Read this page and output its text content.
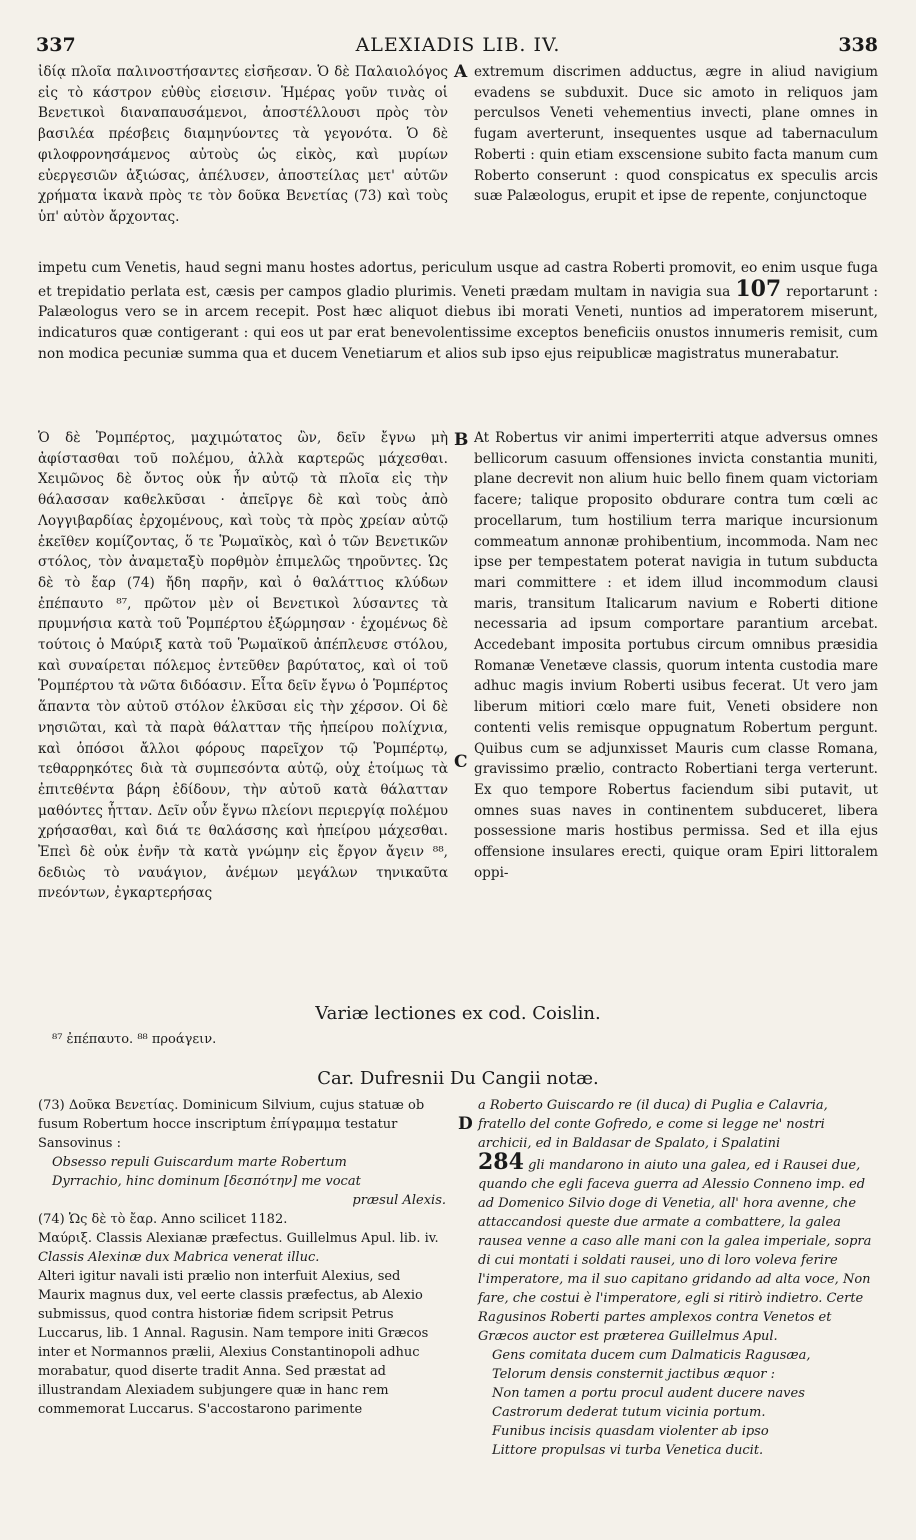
337	ALEXIADIS LIB. IV.	338

ἰδίᾳ πλοῖα παλινοστήσαντες εἰσῆεσαν. Ὁ δὲ Παλαιολόγος εἰς τὸ κάστρον εὐθὺς εἰσεισιν. Ἡμέρας γοῦν τινὰς οἱ Βενετικοὶ διαναπαυσάμενοι, ἀποστέλλουσι πρὸς τὸν βασιλέα πρέσβεις διαμηνύοντες τὰ γεγονότα. Ὁ δὲ φιλοφρονησάμενος αὐτοὺς ὡς εἰκὸς, καὶ μυρίων εὐεργεσιῶν ἀξιώσας, ἀπέλυσεν, ἀποστείλας μετ' αὐτῶν χρήματα ἱκανὰ πρὸς τε τὸν δοῦκα Βενετίας (73) καὶ τοὺς ὑπ' αὐτὸν ἄρχοντας.

A extremum discrimen adductus, ægre in aliud navigium evadens se subduxit. Duce sic amoto in reliquos jam perculsos Veneti vehementius invecti, plane omnes in fugam averterunt, insequentes usque ad tabernaculum Roberti : quin etiam exscensione subito facta manum cum Roberto conserunt : quod conspicatus ex speculis arcis suæ Palæologus, erupit et ipse de repente, conjunctoque

impetu cum Venetis, haud segni manu hostes adortus, periculum usque ad castra Roberti promovit, eo enim usque fuga et trepidatio perlata est, cæsis per campos gladio plurimis. Veneti prædam multam in navigia sua 107 reportarunt : Palæologus vero se in arcem recepit. Post hæc aliquot diebus ibi morati Veneti, nuntios ad imperatorem miserunt, indicaturos quæ contigerant : qui eos ut par erat benevolentissime exceptos beneficiis onustos innumeris remisit, cum non modica pecuniæ summa qua et ducem Venetiarum et alios sub ipso ejus reipublicæ magistratus munerabatur.

Ὁ δὲ Ῥομπέρτος, μαχιμώτατος ὢν, δεῖν ἔγνω μὴ ἀφίστασθαι τοῦ πολέμου, ἀλλὰ καρτερῶς μάχεσθαι. Χειμῶνος δὲ ὄντος οὐκ ἦν αὐτῷ τὰ πλοῖα εἰς τὴν θάλασσαν καθελκῦσαι · ἀπεῖργε δὲ καὶ τοὺς ἀπὸ Λογγιβαρδίας ἐρχομένους, καὶ τοὺς τὰ πρὸς χρείαν αὐτῷ ἐκεῖθεν κομίζοντας, ὅ τε Ῥωμαϊκὸς, καὶ ὁ τῶν Βενετικῶν στόλος, τὸν ἀναμεταξὺ πορθμὸν ἐπιμελῶς τηροῦντες. Ὡς δὲ τὸ ἔαρ (74) ἤδη παρῆν, καὶ ὁ θαλάττιος κλύδων ἐπέπαυτο ⁸⁷, πρῶτον μὲν οἱ Βενετικοὶ λύσαντες τὰ πρυμνήσια κατὰ τοῦ Ῥομπέρτου ἐξώρμησαν · ἑχομένως δὲ τούτοις ὁ Μαύριξ κατὰ τοῦ Ῥωμαϊκοῦ ἀπέπλευσε στόλου, καὶ συναίρεται πόλεμος ἐντεῦθεν βαρύτατος, καὶ οἱ τοῦ Ῥομπέρτου τὰ νῶτα διδόασιν. Εἶτα δεῖν ἔγνω ὁ Ῥομπέρτος ἅπαντα τὸν αὐτοῦ στόλον ἑλκῦσαι εἰς τὴν χέρσον. Οἱ δὲ νησιῶται, καὶ τὰ παρὰ θάλατταν τῆς ἠπείρου πολίχνια, καὶ ὁπόσοι ἄλλοι φόρους παρεῖχον τῷ Ῥομπέρτῳ, τεθαρρηκότες διὰ τὰ συμπεσόντα αὐτῷ, οὐχ ἑτοίμως τὰ ἐπιτεθέντα βάρη ἐδίδουν, τὴν αὐτοῦ κατὰ θάλατταν μαθόντες ἧτταν. Δεῖν οὖν ἔγνω πλείονι περιεργίᾳ πολέμου χρήσασθαι, καὶ διά τε θαλάσσης καὶ ἠπείρου μάχεσθαι. Ἐπεὶ δὲ οὐκ ἐνῆν τὰ κατὰ γνώμην εἰς ἔργον ἄγειν ⁸⁸, δεδιὼς τὸ ναυάγιον, ἀνέμων μεγάλων τηνικαῦτα πνεόντων, ἐγκαρτερήσας

B
C

At Robertus vir animi imperterriti atque adversus omnes bellicorum casuum offensiones invicta constantia muniti, plane decrevit non alium huic bello finem quam victoriam facere; talique proposito obdurare contra tum cœli ac procellarum, tum hostilium terra marique incursionum commeatum annonæ prohibentium, incommoda. Nam nec ipse per tempestatem poterat navigia in tutum subducta mari committere : et idem illud incommodum clausi maris, transitum Italicarum navium e Roberti ditione necessaria ad ipsum comportare parantium arcebat. Accedebant imposita portubus circum omnibus præsidia Romanæ Venetæve classis, quorum intenta custodia mare adhuc magis invium Roberti usibus fecerat. Ut vero jam liberum mitiori cœlo mare fuit, Veneti obsidere non contenti velis remisque oppugnatum Robertum pergunt. Quibus cum se adjunxisset Mauris cum classe Romana, gravissimo prælio, contracto Robertiani terga verterunt. Ex quo tempore Robertus faciendum sibi putavit, ut omnes suas naves in continentem subduceret, libera possessione maris hostibus permissa. Sed et illa ejus offensione insulares erecti, quique oram Epiri littoralem oppi-

Variæ lectiones ex cod. Coislin.
⁸⁷ ἐπέπαυτο. ⁸⁸ προάγειν.
Car. Dufresnii Du Cangii notæ.

(73) Δοῦκα Βενετίας. Dominicum Silvium, cujus statuæ ob fusum Robertum hocce inscriptum ἐπίγραμμα testatur Sansovinus :

Obsesso repuli Guiscardum marte Robertum

Dyrrachio, hinc dominum [δεσπότην] me vocat

præsul Alexis.

(74) Ὡς δὲ τὸ ἔαρ. Anno scilicet 1182.

Μαύριξ. Classis Alexianæ præfectus. Guillelmus Apul. lib. iv.

Classis Alexinæ dux Mabrica venerat illuc.

Alteri igitur navali isti prælio non interfuit Alexius, sed Maurix magnus dux, vel eerte classis præfectus, ab Alexio submissus, quod contra historiæ fidem scripsit Petrus Luccarus, lib. 1 Annal. Ragusin. Nam tempore initi Græcos inter et Normannos prælii, Alexius Constantinopoli adhuc morabatur, quod diserte tradit Anna. Sed præstat ad illustrandam Alexiadem subjungere quæ in hanc rem commemorat Luccarus. S'accostarono parimente

D

a Roberto Guiscardo re (il duca) di Puglia e Calavria, fratello del conte Gofredo, e come si legge ne' nostri archicii, ed in Baldasar de Spalato, i Spalatini

284 gli mandarono in aiuto una galea, ed i Rausei due, quando che egli faceva guerra ad Alessio Conneno imp. ed ad Domenico Silvio doge di Venetia, all' hora avenne, che attaccandosi queste due armate a combattere, la galea rausea venne a caso alle mani con la galea imperiale, sopra di cui montati i soldati rausei, uno di loro voleva ferire l'imperatore, ma il suo capitano gridando ad alta voce, Non fare, che costui è l'imperatore, egli si ritirò indietro. Certe Ragusinos Roberti partes amplexos contra Venetos et Græcos auctor est præterea Guillelmus Apul.

Gens comitata ducem cum Dalmaticis Ragusæa,

Telorum densis consternit jactibus æquor :

Non tamen a portu procul audent ducere naves

Castrorum dederat tutum vicinia portum.

Funibus incisis quasdam violenter ab ipso

Littore propulsas vi turba Venetica ducit.
